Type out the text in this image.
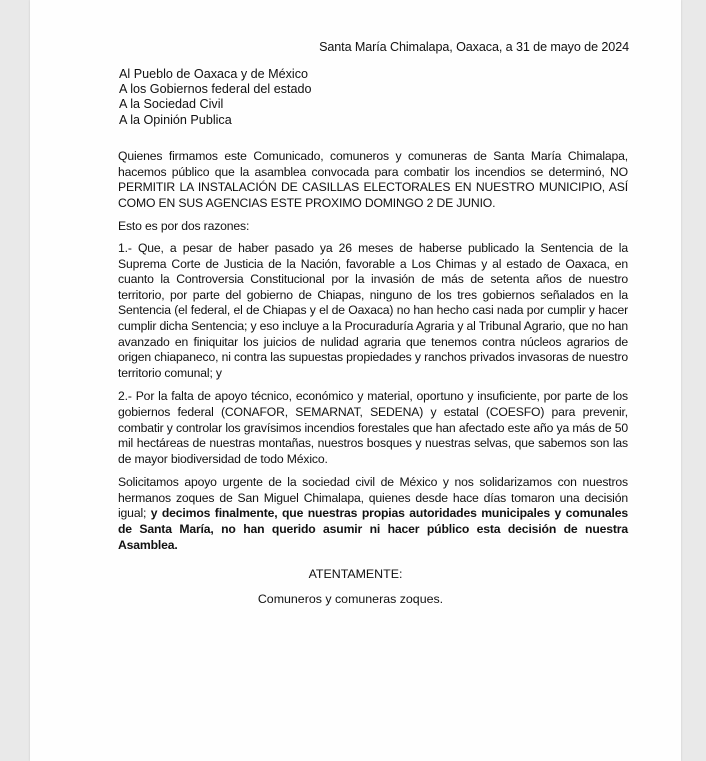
Santa María Chimalapa, Oaxaca, a 31 de mayo de 2024
Al Pueblo de Oaxaca y de México
A los Gobiernos federal del estado
A la Sociedad Civil
A la Opinión Publica

Quienes firmamos este Comunicado, comuneros y comuneras de Santa María Chimalapa, hacemos público que la asamblea convocada para combatir los incendios se determinó, NO PERMITIR LA INSTALACIÓN DE CASILLAS ELECTORALES EN NUESTRO MUNICIPIO, ASÍ COMO EN SUS AGENCIAS ESTE PROXIMO DOMINGO 2 DE JUNIO.

Esto es por dos razones:

1.- Que, a pesar de haber pasado ya 26 meses de haberse publicado la Sentencia de la Suprema Corte de Justicia de la Nación, favorable a Los Chimas y al estado de Oaxaca, en cuanto la Controversia Constitucional por la invasión de más de setenta años de nuestro territorio, por parte del gobierno de Chiapas, ninguno de los tres gobiernos señalados en la Sentencia (el federal, el de Chiapas y el de Oaxaca) no han hecho casi nada por cumplir y hacer cumplir dicha Sentencia; y eso incluye a la Procuraduría Agraria y al Tribunal Agrario, que no han avanzado en finiquitar los juicios de nulidad agraria que tenemos contra núcleos agrarios de origen chiapaneco, ni contra las supuestas propiedades y ranchos privados invasoras de nuestro territorio comunal; y

2.- Por la falta de apoyo técnico, económico y material, oportuno y insuficiente, por parte de los gobiernos federal (CONAFOR, SEMARNAT, SEDENA) y estatal (COESFO) para prevenir, combatir y controlar los gravísimos incendios forestales que han afectado este año ya más de 50 mil hectáreas de nuestras montañas, nuestros bosques y nuestras selvas, que sabemos son las de mayor biodiversidad de todo México.

Solicitamos apoyo urgente de la sociedad civil de México y nos solidarizamos con nuestros hermanos zoques de San Miguel Chimalapa, quienes desde hace días tomaron una decisión igual; y decimos finalmente, que nuestras propias autoridades municipales y comunales de Santa María, no han querido asumir ni hacer público esta decisión de nuestra Asamblea.

ATENTAMENTE:
Comuneros y comuneras zoques.
